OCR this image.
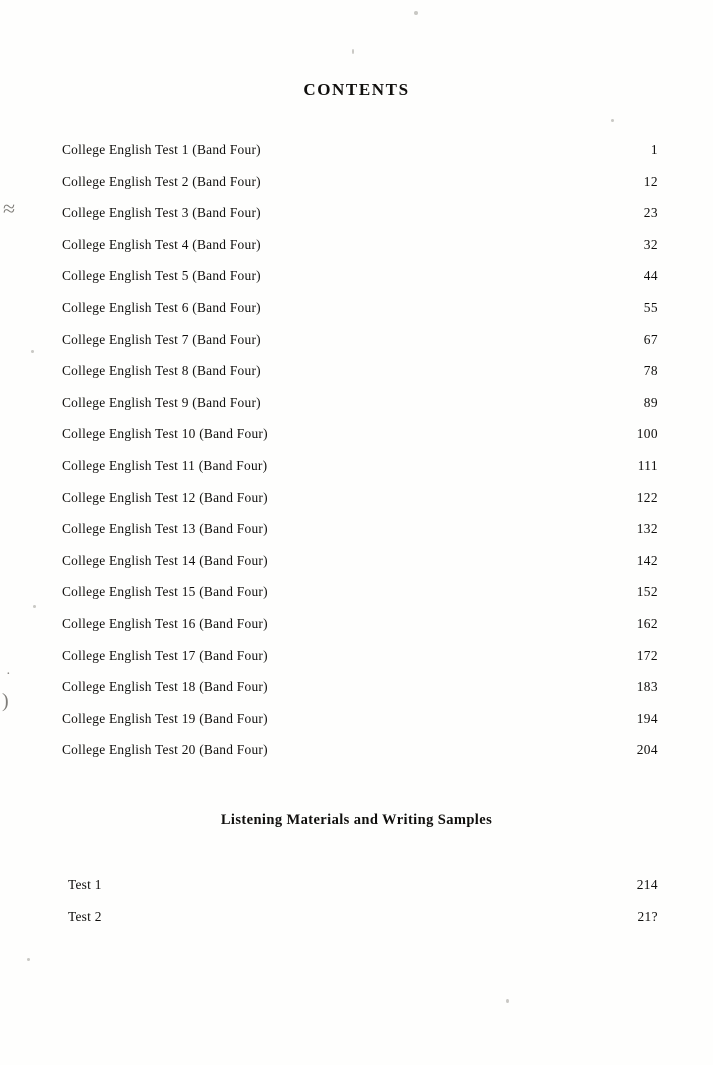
≈
·
)
CONTENTS
College English Test 1 (Band Four) ·····	1
College English Test 2 (Band Four) ·····	12
College English Test 3 (Band Four) ·····	23
College English Test 4 (Band Four) ·····	32
College English Test 5 (Band Four) ·····	44
College English Test 6 (Band Four) ·····	55
College English Test 7 (Band Four) ·····	67
College English Test 8 (Band Four) ·····	78
College English Test 9 (Band Four) ·····	89
College English Test 10 (Band Four) ·····	100
College English Test 11 (Band Four) ·····	111
College English Test 12 (Band Four) ·····	122
College English Test 13 (Band Four) ·····	132
College English Test 14 (Band Four) ·····	142
College English Test 15 (Band Four) ·····	152
College English Test 16 (Band Four) ·····	162
College English Test 17 (Band Four) ·····	172
College English Test 18 (Band Four) ·····	183
College English Test 19 (Band Four) ·····	194
College English Test 20 (Band Four) ·····	204
Listening Materials and Writing Samples
Test 1 ·····	214
Test 2 ·····	21?
